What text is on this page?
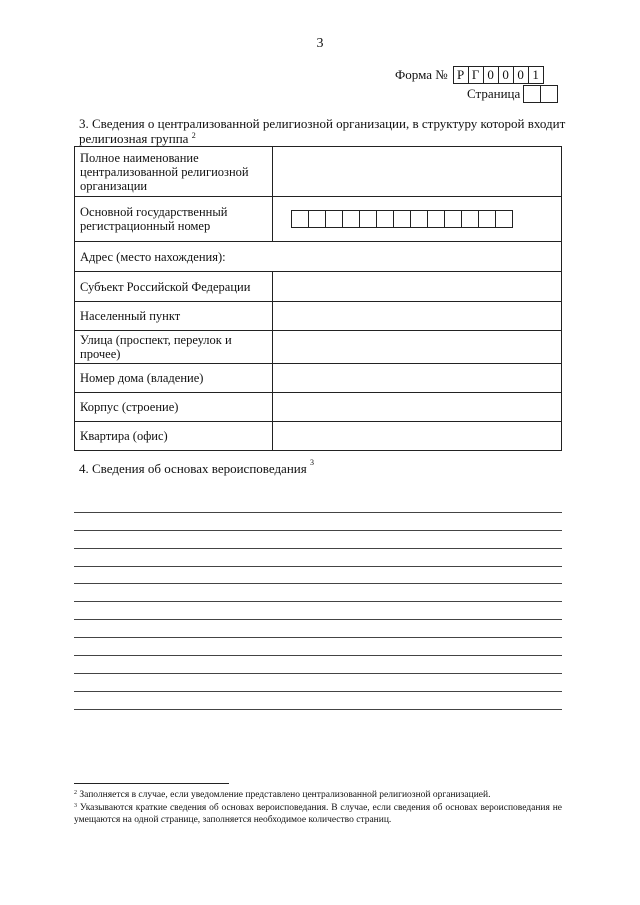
3
Форма № Р Г 0 0 0 1
Страница
3. Сведения о централизованной религиозной организации, в структуру которой входит религиозная группа $^2$
Полное наименование централизованной религиозной организации	
Основной государственный регистрационный номер	

Адрес (место нахождения):	
Субъект Российской Федерации	
Населенный пункт	
Улица (проспект, переулок и прочее)	
Номер дома (владение)	
Корпус (строение)	
Квартира (офис)	
4. Сведения об основах вероисповедания $^3$

$^2$ Заполняется в случае, если уведомление представлено централизованной религиозной организацией.

$^3$ Указываются краткие сведения об основах вероисповедания. В случае, если сведения об основах вероисповедания не умещаются на одной странице, заполняется необходимое количество страниц.
